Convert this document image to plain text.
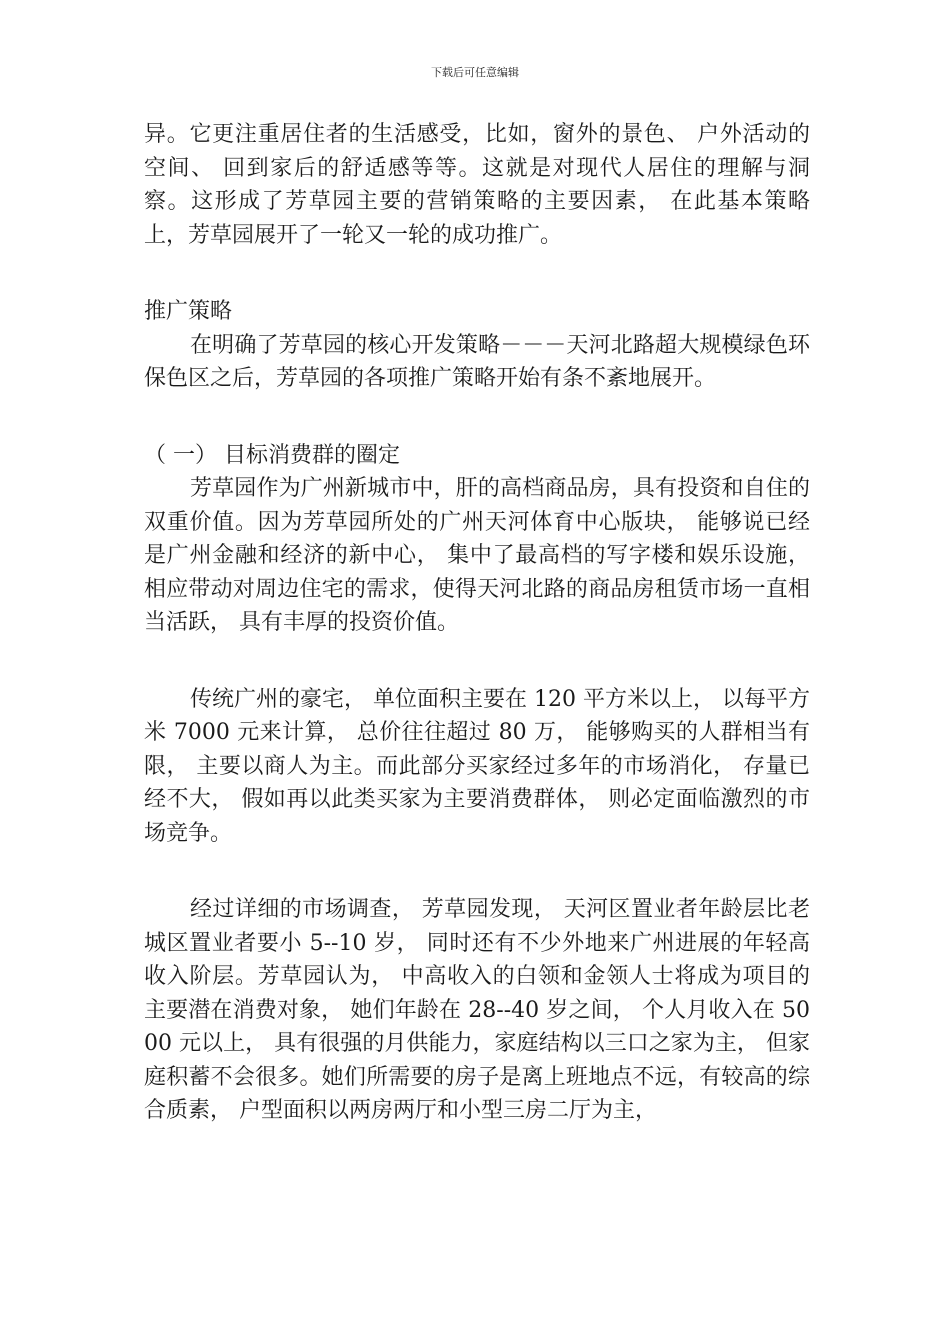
下载后可任意编辑

异。它更注重居住者的生活感受，比如，窗外的景色、 户外活动的空间、 回到家后的舒适感等等。这就是对现代人居住的理解与洞察。这形成了芳草园主要的营销策略的主要因素， 在此基本策略上，芳草园展开了一轮又一轮的成功推广。

推广策略

在明确了芳草园的核心开发策略－－－天河北路超大规模绿色环保色区之后，芳草园的各项推广策略开始有条不紊地展开。

（ 一） 目标消费群的圈定

芳草园作为广州新城市中，肝的高档商品房，具有投资和自住的双重价值。因为芳草园所处的广州天河体育中心版块， 能够说已经是广州金融和经济的新中心， 集中了最高档的写字楼和娱乐设施， 相应带动对周边住宅的需求，使得天河北路的商品房租赁市场一直相当活跃， 具有丰厚的投资价值。

传统广州的豪宅， 单位面积主要在 120 平方米以上， 以每平方米 7000 元来计算， 总价往往超过 80 万， 能够购买的人群相当有限， 主要以商人为主。而此部分买家经过多年的市场消化， 存量已经不大， 假如再以此类买家为主要消费群体， 则必定面临激烈的市场竞争。

经过详细的市场调查， 芳草园发现， 天河区置业者年龄层比老城区置业者要小 5--10 岁， 同时还有不少外地来广州进展的年轻高收入阶层。芳草园认为， 中高收入的白领和金领人士将成为项目的主要潜在消费对象， 她们年龄在 28--40 岁之间， 个人月收入在 5000 元以上， 具有很强的月供能力，家庭结构以三口之家为主， 但家庭积蓄不会很多。她们所需要的房子是离上班地点不远，有较高的综合质素， 户型面积以两房两厅和小型三房二厅为主，
